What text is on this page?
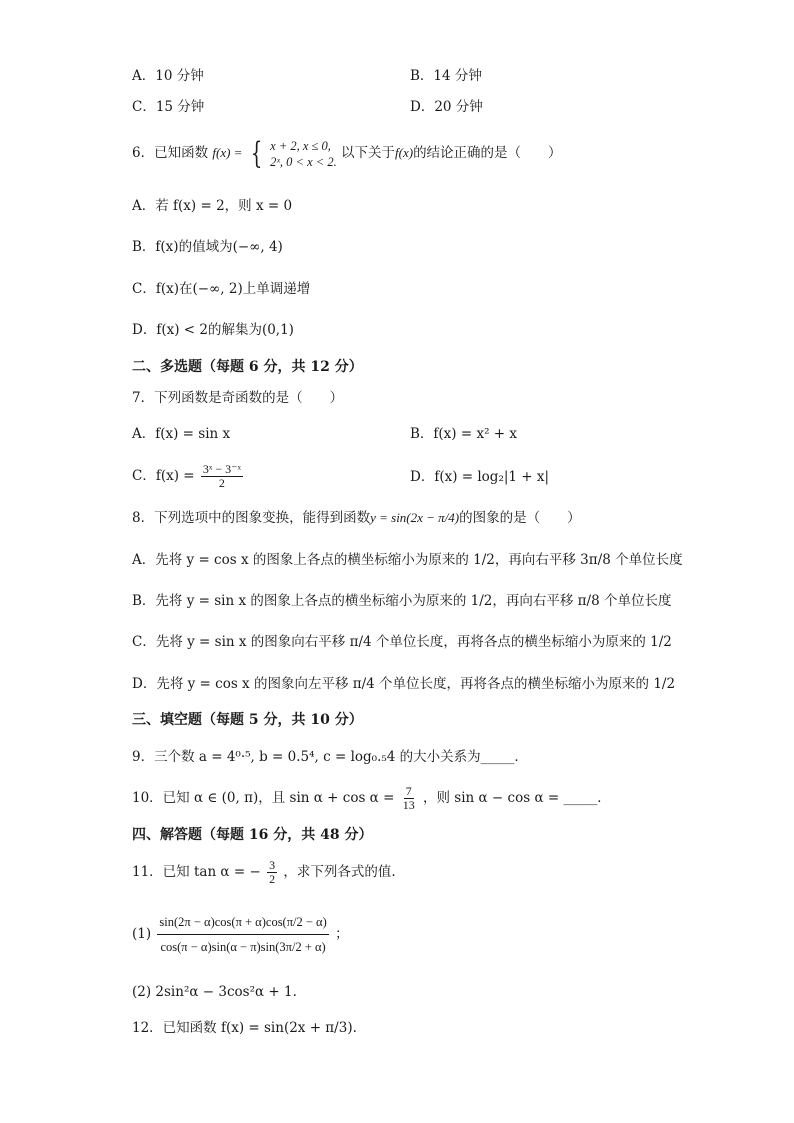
A．10 分钟	B．14 分钟
C．15 分钟	D．20 分钟
6．已知函数 f(x) = { x + 2, x ≤ 0,
2ˣ, 0 < x < 2.
以下关于f(x)的结论正确的是（　　）
A．若 f(x) = 2，则 x = 0
B．f(x)的值域为(−∞, 4)
C．f(x)在(−∞, 2)上单调递增
D．f(x) < 2的解集为(0,1)
二、多选题（每题 6 分，共 12 分）
7．下列函数是奇函数的是（　　）
A．f(x) = sin x	B．f(x) = x² + x
C．$f(x) = \frac{\text{3ˣ − 3⁻ˣ}}{2}$	D．f(x) = log₂|1 + x|
8．下列选项中的图象变换，能得到函数y = sin(2x − π/4)的图象的是（　　）
A．先将 y = cos x 的图象上各点的横坐标缩小为原来的 1/2，再向右平移 3π/8 个单位长度
B．先将 y = sin x 的图象上各点的横坐标缩小为原来的 1/2，再向右平移 π/8 个单位长度
C．先将 y = sin x 的图象向右平移 π/4 个单位长度，再将各点的横坐标缩小为原来的 1/2
D．先将 y = cos x 的图象向左平移 π/4 个单位长度，再将各点的横坐标缩小为原来的 1/2
三、填空题（每题 5 分，共 10 分）
9．三个数 a = 4⁰·⁵, b = 0.5⁴, c = log₀.₅4 的大小关系为_____．
10．已知 α ∈ (0, π)，且 $\sin \alpha + \cos \alpha = \frac{7}{13}$ ，则 sin α − cos α = _____．
四、解答题（每题 16 分，共 48 分）
11．已知 tan α = − $\frac{3}{2}$ ，求下列各式的值.
$(1) \frac{\sin(2\pi - \alpha)\cos(\pi + \alpha)\cos(\pi/2 - \alpha)}{\cos(\pi - \alpha)\sin(\alpha - \pi)\sin(3\pi/2 + \alpha)}$ ；
(2) 2sin²α − 3cos²α + 1.
12．已知函数 f(x) = sin(2x + π/3).
